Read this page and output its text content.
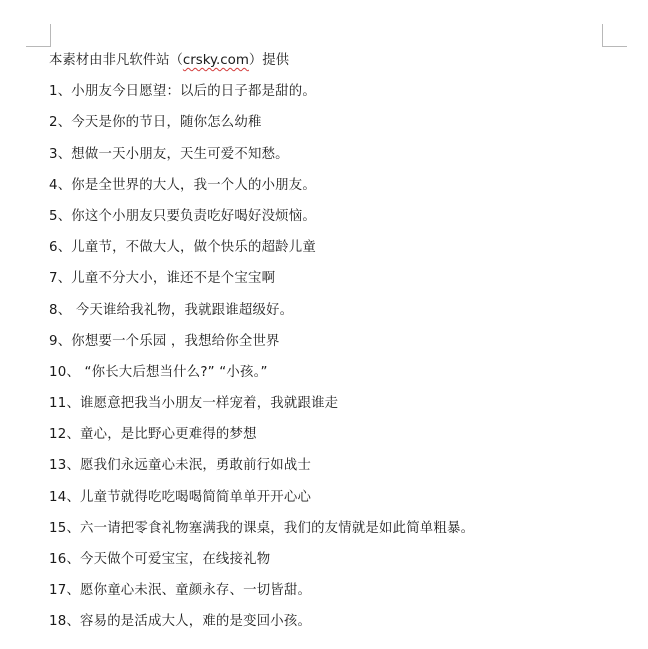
本素材由非凡软件站（crsky.com）提供
1、小朋友今日愿望：以后的日子都是甜的。
2、今天是你的节日，随你怎么幼稚
3、想做一天小朋友，天生可爱不知愁。
4、你是全世界的大人，我一个人的小朋友。
5、你这个小朋友只要负责吃好喝好没烦恼。
6、儿童节，不做大人，做个快乐的超龄儿童
7、儿童不分大小，谁还不是个宝宝啊
8、 今天谁给我礼物，我就跟谁超级好。
9、你想要一个乐园 ，我想给你全世界
10、 “你长大后想当什么?” “小孩。”
11、谁愿意把我当小朋友一样宠着，我就跟谁走
12、童心，是比野心更难得的梦想
13、愿我们永远童心未泯，勇敢前行如战士
14、儿童节就得吃吃喝喝简简单单开开心心
15、六一请把零食礼物塞满我的课桌，我们的友情就是如此简单粗暴。
16、今天做个可爱宝宝，在线接礼物
17、愿你童心未泯、童颜永存、一切皆甜。
18、容易的是活成大人，难的是变回小孩。
